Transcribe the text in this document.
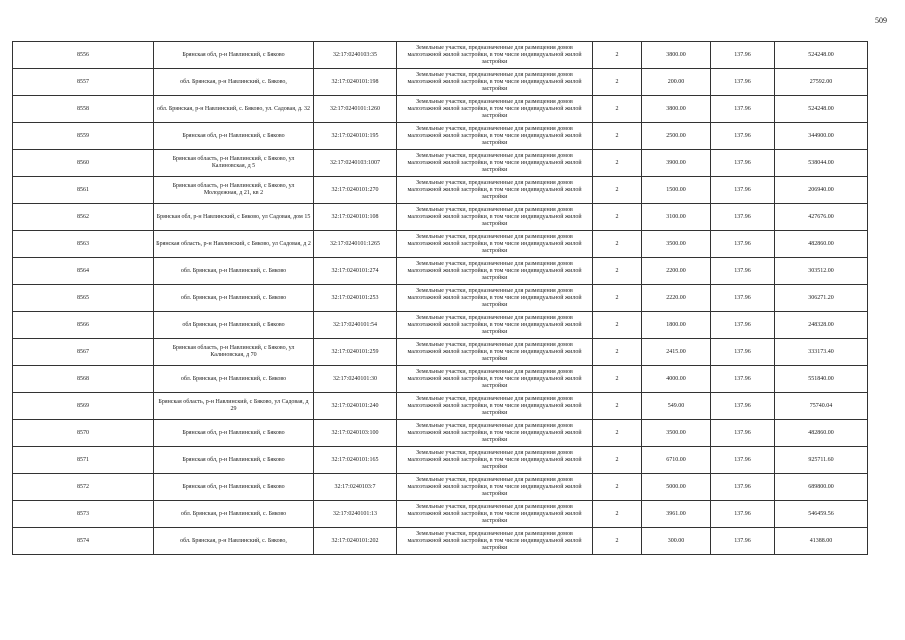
509
8556	Брянская обл, р-н Навлинский, с Бяково	32:17:0240103:35	Земельные участки, предназначенные для размещения домов малоэтажной жилой застройки, в том числе индивидуальной жилой застройки	2	3800.00	137.96	524248.00
8557	обл. Брянская, р-н Навлинский, с. Бяково,	32:17:0240101:198	Земельные участки, предназначенные для размещения домов малоэтажной жилой застройки, в том числе индивидуальной жилой застройки	2	200.00	137.96	27592.00
8558	обл. Брянская, р-н Навлинский, с. Бяково, ул. Садовая, д. 32	32:17:0240101:1260	Земельные участки, предназначенные для размещения домов малоэтажной жилой застройки, в том числе индивидуальной жилой застройки	2	3800.00	137.96	524248.00
8559	Брянская обл, р-н Навлинский, с Бяково	32:17:0240101:195	Земельные участки, предназначенные для размещения домов малоэтажной жилой застройки, в том числе индивидуальной жилой застройки	2	2500.00	137.96	344900.00
8560	Брянская область, р-н Навлинский, с Бяково, ул Калиновская, д 5	32:17:0240103:1007	Земельные участки, предназначенные для размещения домов малоэтажной жилой застройки, в том числе индивидуальной жилой застройки	2	3900.00	137.96	538044.00
8561	Брянская область, р-н Навлинский, с Бяково, ул Молодежная, д 21, кв 2	32:17:0240101:270	Земельные участки, предназначенные для размещения домов малоэтажной жилой застройки, в том числе индивидуальной жилой застройки	2	1500.00	137.96	206940.00
8562	Брянская обл, р-н Навлинский, с Бяково, ул Садовая, дом 15	32:17:0240101:108	Земельные участки, предназначенные для размещения домов малоэтажной жилой застройки, в том числе индивидуальной жилой застройки	2	3100.00	137.96	427676.00
8563	Брянская область, р-н Навлинский, с Бяково, ул Садовая, д 2	32:17:0240101:1265	Земельные участки, предназначенные для размещения домов малоэтажной жилой застройки, в том числе индивидуальной жилой застройки	2	3500.00	137.96	482860.00
8564	обл. Брянская, р-н Навлинский, с. Бяково	32:17:0240101:274	Земельные участки, предназначенные для размещения домов малоэтажной жилой застройки, в том числе индивидуальной жилой застройки	2	2200.00	137.96	303512.00
8565	обл. Брянская, р-н Навлинский, с. Бяково	32:17:0240101:253	Земельные участки, предназначенные для размещения домов малоэтажной жилой застройки, в том числе индивидуальной жилой застройки	2	2220.00	137.96	306271.20
8566	обл Брянская, р-н Навлинский, с Бяково	32:17:0240101:54	Земельные участки, предназначенные для размещения домов малоэтажной жилой застройки, в том числе индивидуальной жилой застройки	2	1800.00	137.96	248328.00
8567	Брянская область, р-н Навлинский, с Бяково, ул Калиновская, д 70	32:17:0240101:259	Земельные участки, предназначенные для размещения домов малоэтажной жилой застройки, в том числе индивидуальной жилой застройки	2	2415.00	137.96	333173.40
8568	обл. Брянская, р-н Навлинский, с. Бяково	32:17:0240101:30	Земельные участки, предназначенные для размещения домов малоэтажной жилой застройки, в том числе индивидуальной жилой застройки	2	4000.00	137.96	551840.00
8569	Брянская область, р-н Навлинский, с Бяково, ул Садовая, д 29	32:17:0240101:240	Земельные участки, предназначенные для размещения домов малоэтажной жилой застройки, в том числе индивидуальной жилой застройки	2	549.00	137.96	75740.04
8570	Брянская обл, р-н Навлинский, с Бяково	32:17:0240103:100	Земельные участки, предназначенные для размещения домов малоэтажной жилой застройки, в том числе индивидуальной жилой застройки	2	3500.00	137.96	482860.00
8571	Брянская обл, р-н Навлинский, с Бяково	32:17:0240101:165	Земельные участки, предназначенные для размещения домов малоэтажной жилой застройки, в том числе индивидуальной жилой застройки	2	6710.00	137.96	925711.60
8572	Брянская обл, р-н Навлинский, с Бяково	32:17:0240103:7	Земельные участки, предназначенные для размещения домов малоэтажной жилой застройки, в том числе индивидуальной жилой застройки	2	5000.00	137.96	689800.00
8573	обл. Брянская, р-н Навлинский, с. Бяково	32:17:0240101:13	Земельные участки, предназначенные для размещения домов малоэтажной жилой застройки, в том числе индивидуальной жилой застройки	2	3961.00	137.96	546459.56
8574	обл. Брянская, р-н Навлинский, с. Бяково,	32:17:0240101:202	Земельные участки, предназначенные для размещения домов малоэтажной жилой застройки, в том числе индивидуальной жилой застройки	2	300.00	137.96	41388.00
